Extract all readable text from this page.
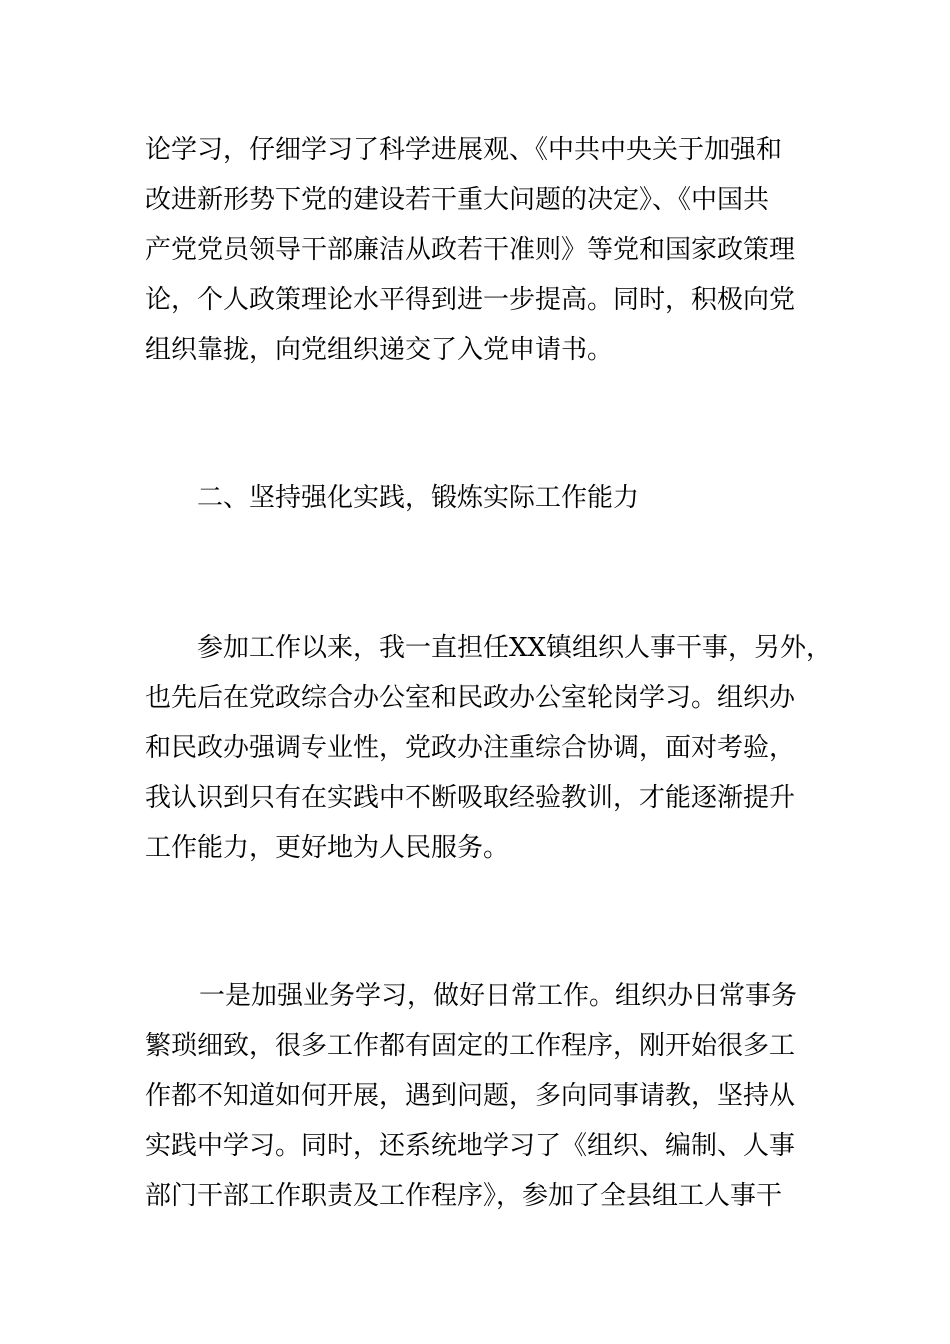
论学习，仔细学习了科学进展观、《中共中央关于加强和
改进新形势下党的建设若干重大问题的决定》、《中国共
产党党员领导干部廉洁从政若干准则》等党和国家政策理
论，个人政策理论水平得到进一步提高。同时，积极向党
组织靠拢，向党组织递交了入党申请书。
二、坚持强化实践，锻炼实际工作能力
参加工作以来，我一直担任XX镇组织人事干事，另外，
也先后在党政综合办公室和民政办公室轮岗学习。组织办
和民政办强调专业性，党政办注重综合协调，面对考验，
我认识到只有在实践中不断吸取经验教训，才能逐渐提升
工作能力，更好地为人民服务。
一是加强业务学习，做好日常工作。组织办日常事务
繁琐细致，很多工作都有固定的工作程序，刚开始很多工
作都不知道如何开展，遇到问题，多向同事请教，坚持从
实践中学习。同时，还系统地学习了《组织、编制、人事
部门干部工作职责及工作程序》，参加了全县组工人事干
